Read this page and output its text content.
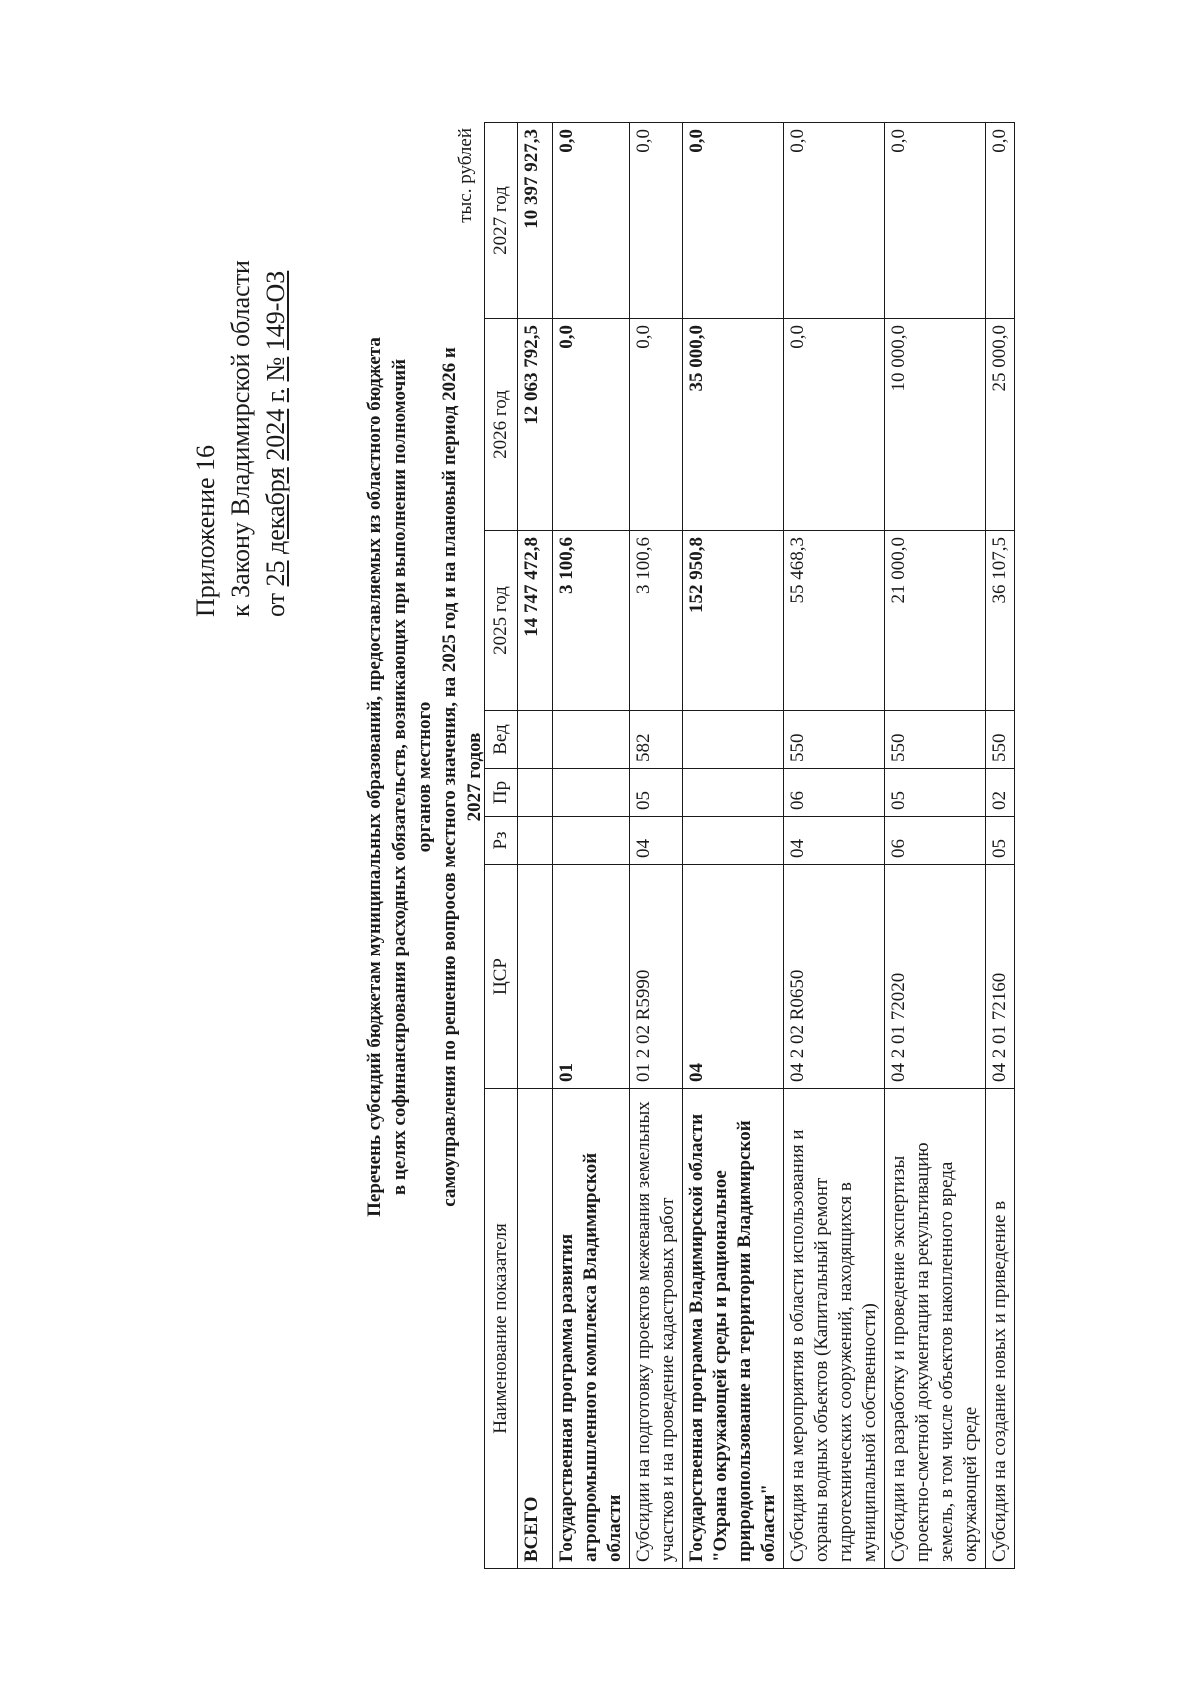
Приложение 16 к Закону Владимирской области от 25 декабря 2024 г. № 149-ОЗ
Перечень субсидий бюджетам муниципальных образований, предоставляемых из областного бюджета в целях софинансирования расходных обязательств, возникающих при выполнении полномочий органов местного самоуправления по решению вопросов местного значения, на 2025 год и на плановый период 2026 и 2027 годов
тыс. рублей
Наименование показателя	ЦСР	Рз	Пр	Вед	2025 год	2026 год	2027 год
ВСЕГО					14 747 472,8	12 063 792,5	10 397 927,3
Государственная программа развития агропромышленного комплекса Владимирской области	01				3 100,6	0,0	0,0
Субсидии на подготовку проектов межевания земельных участков и на проведение кадастровых работ	01 2 02 R5990	04	05	582	3 100,6	0,0	0,0
Государственная программа Владимирской области "Охрана окружающей среды и рациональное природопользование на территории Владимирской области"	04				152 950,8	35 000,0	0,0
Субсидия на мероприятия в области использования и охраны водных объектов (Капитальный ремонт гидротехнических сооружений, находящихся в муниципальной собственности)	04 2 02 R0650	04	06	550	55 468,3	0,0	0,0
Субсидии на разработку и проведение экспертизы проектно-сметной документации на рекультивацию земель, в том числе объектов накопленного вреда окружающей среде	04 2 01 72020	06	05	550	21 000,0	10 000,0	0,0
Субсидия на создание новых и приведение в	04 2 01 72160	05	02	550	36 107,5	25 000,0	0,0
